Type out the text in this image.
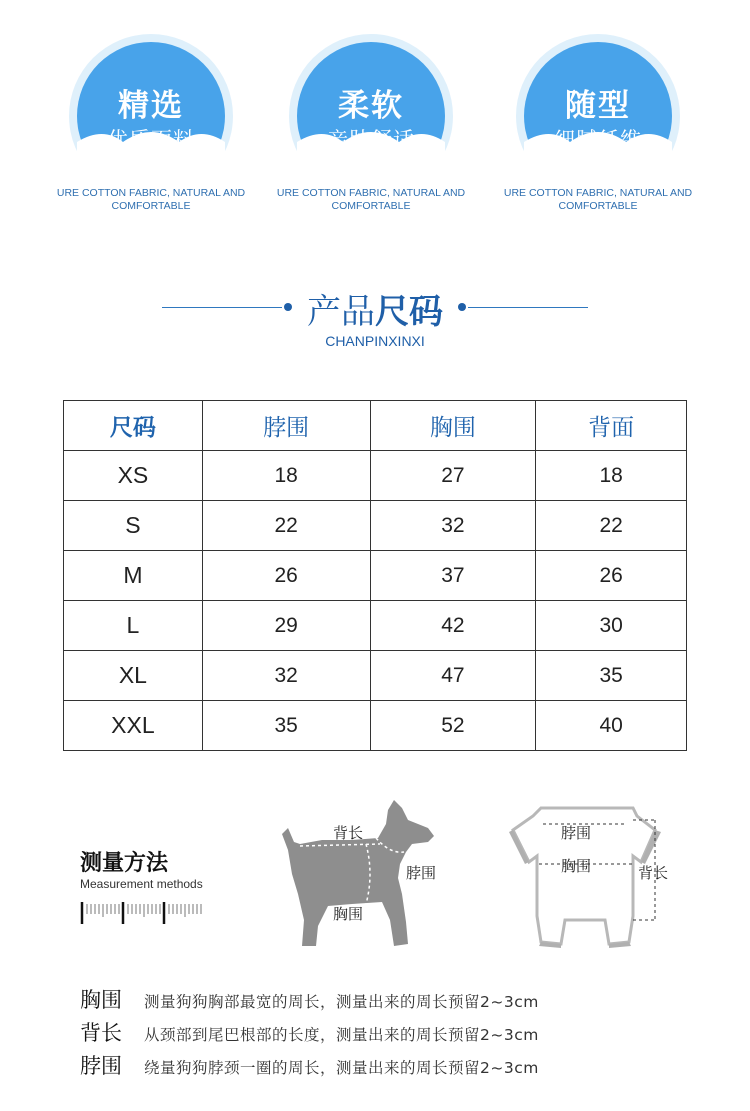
精选
优质面料
URE COTTON FABRIC, NATURAL AND COMFORTABLE
柔软
亲肤舒适
URE COTTON FABRIC, NATURAL AND COMFORTABLE
随型
细腻纤维
URE COTTON FABRIC, NATURAL AND COMFORTABLE
产品尺码
CHANPINXINXI
尺码	脖围	胸围	背面
XS	18	27	18
S	22	32	22
M	26	37	26
L	29	42	30
XL	32	47	35
XXL	35	52	40
测量方法
Measurement methods
背长
脖围
胸围
脖围
胸围	背长
胸围	测量狗狗胸部最宽的周长，测量出来的周长预留2~3cm
背长	从颈部到尾巴根部的长度，测量出来的周长预留2~3cm
脖围	绕量狗狗脖颈一圈的周长，测量出来的周长预留2~3cm
